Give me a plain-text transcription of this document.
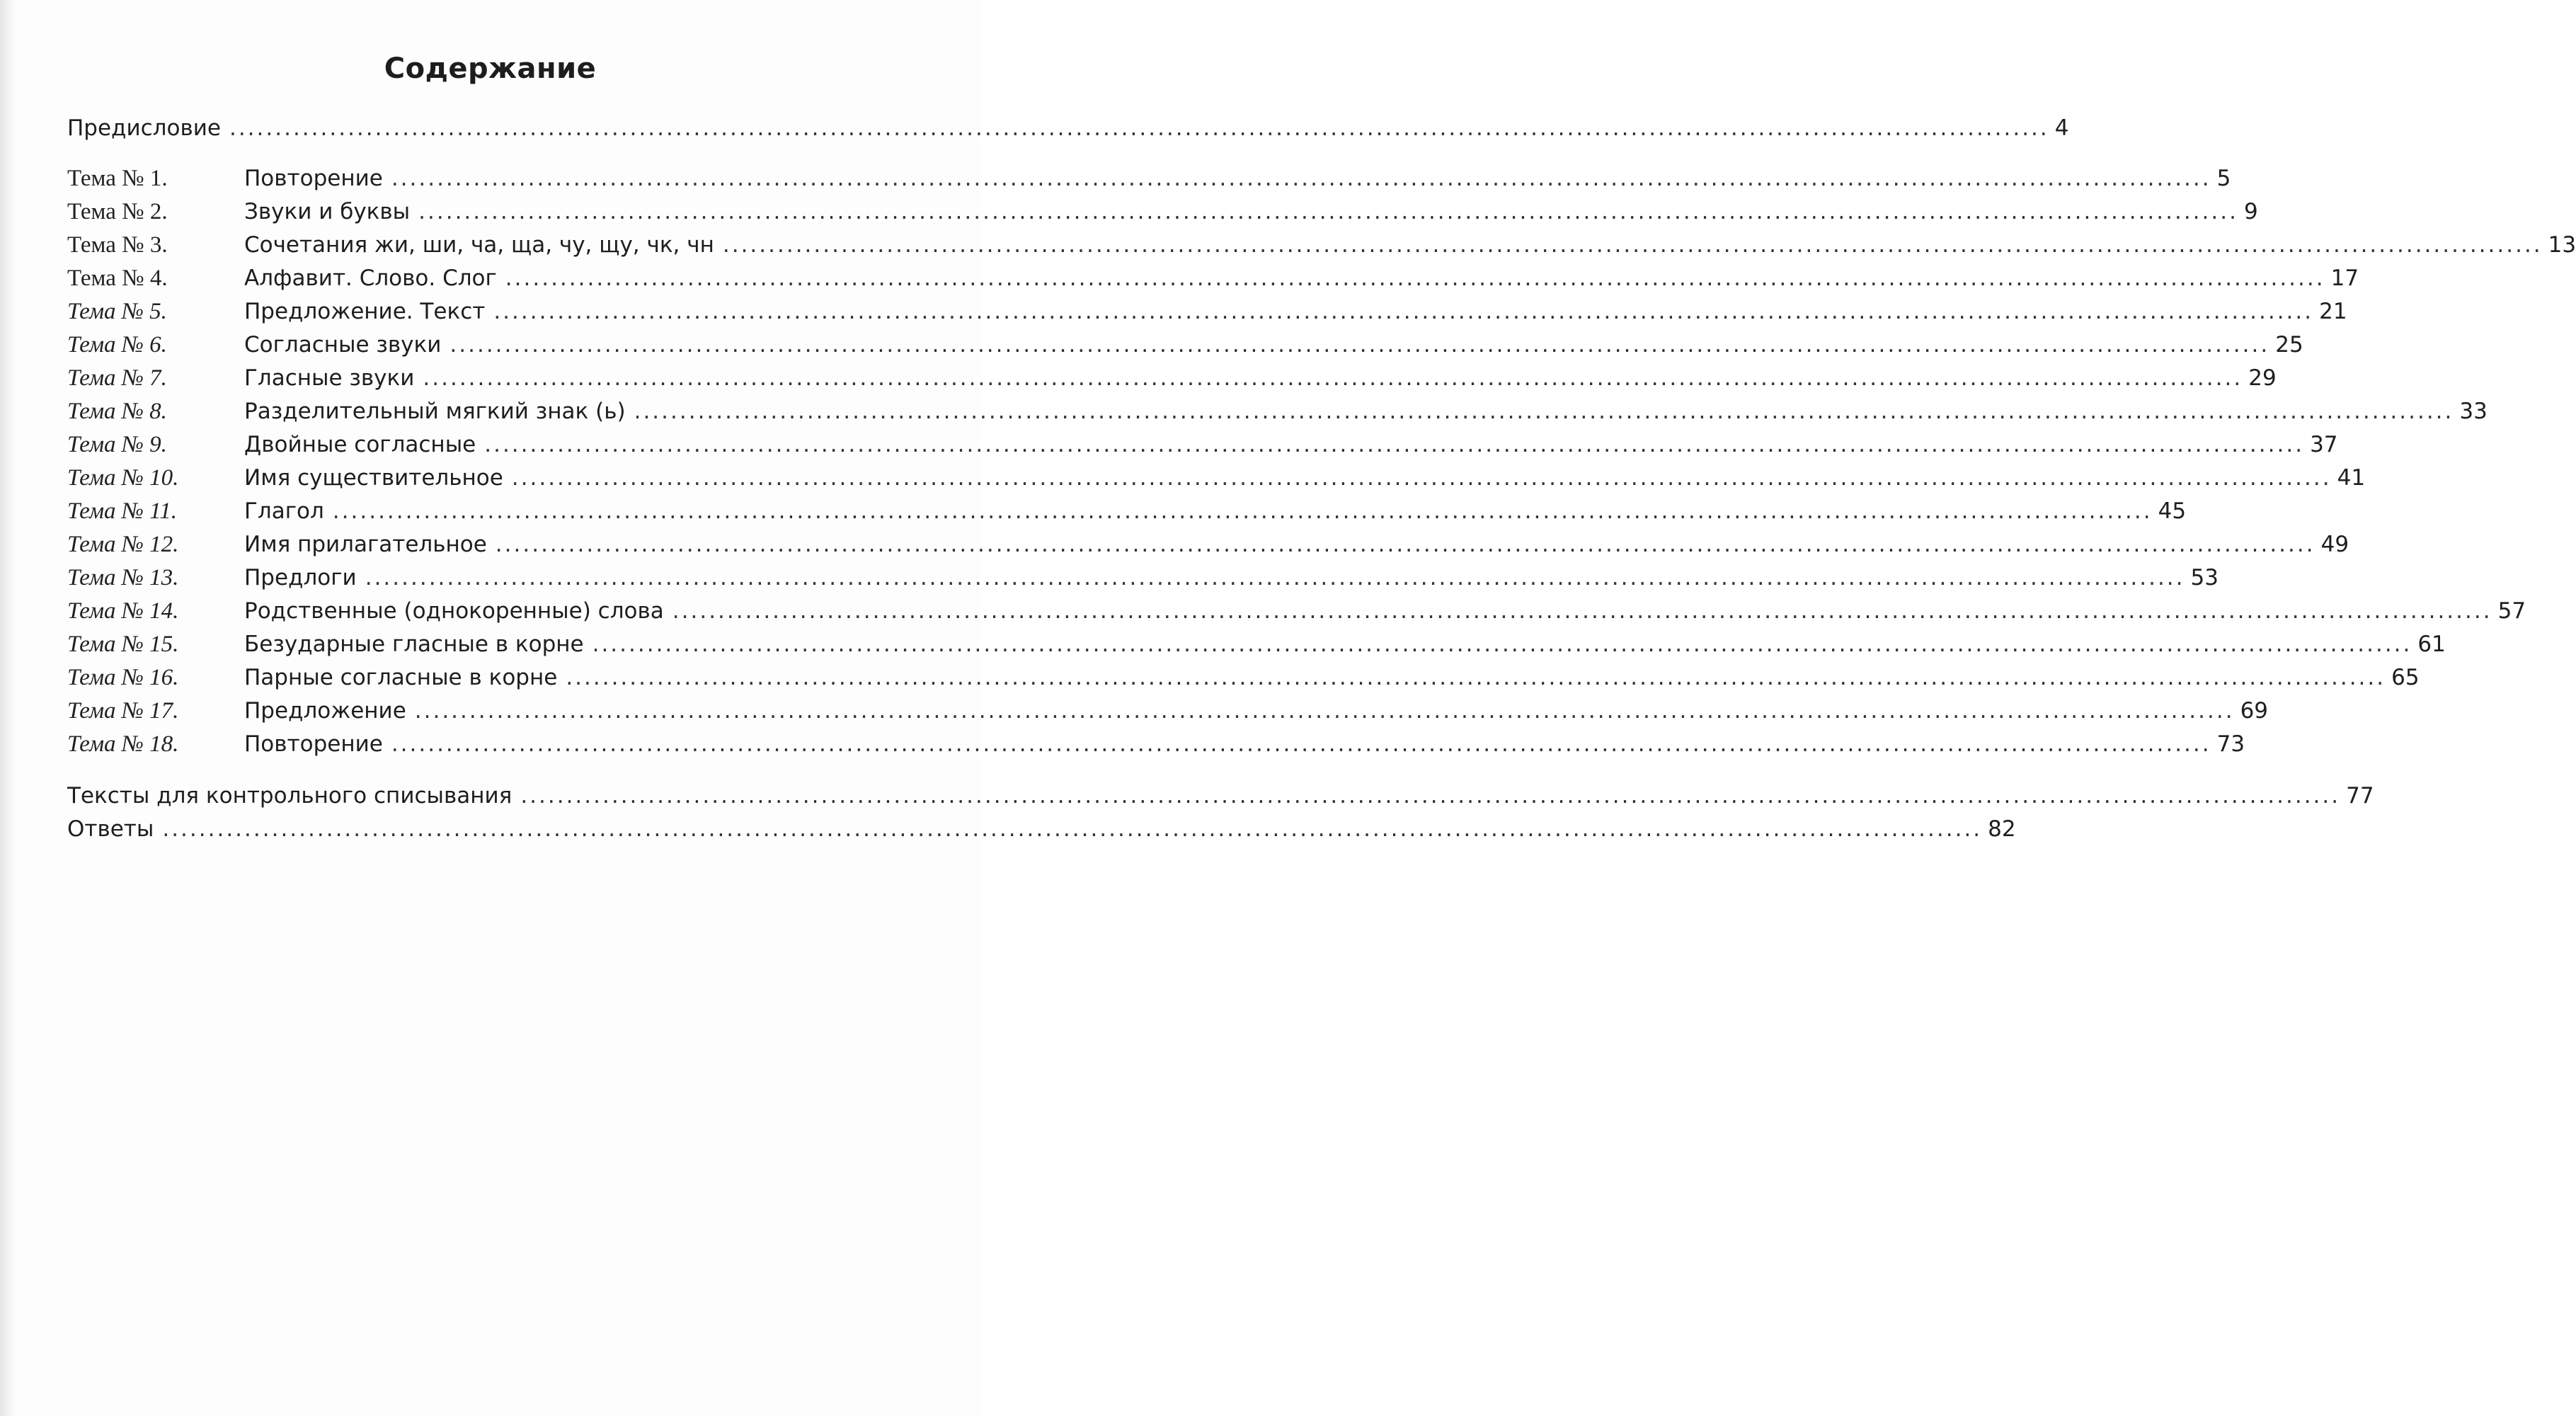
Содержание
Предисловие ........................................................................................................................................................................................................ 4
Тема № 1.	Повторение ........................................................................................................................................................................................................ 5
Тема № 2.	Звуки и буквы ........................................................................................................................................................................................................ 9
Тема № 3.	Сочетания жи, ши, ча, ща, чу, щу, чк, чн ........................................................................................................................................................................................................ 13
Тема № 4.	Алфавит. Слово. Слог ........................................................................................................................................................................................................ 17
Тема № 5.	Предложение. Текст ........................................................................................................................................................................................................ 21
Тема № 6.	Согласные звуки ........................................................................................................................................................................................................ 25
Тема № 7.	Гласные звуки ........................................................................................................................................................................................................ 29
Тема № 8.	Разделительный мягкий знак (ь) ........................................................................................................................................................................................................ 33
Тема № 9.	Двойные согласные ........................................................................................................................................................................................................ 37
Тема № 10.	Имя существительное ........................................................................................................................................................................................................ 41
Тема № 11.	Глагол ........................................................................................................................................................................................................ 45
Тема № 12.	Имя прилагательное ........................................................................................................................................................................................................ 49
Тема № 13.	Предлоги ........................................................................................................................................................................................................ 53
Тема № 14.	Родственные (однокоренные) слова ........................................................................................................................................................................................................ 57
Тема № 15.	Безударные гласные в корне ........................................................................................................................................................................................................ 61
Тема № 16.	Парные согласные в корне ........................................................................................................................................................................................................ 65
Тема № 17.	Предложение ........................................................................................................................................................................................................ 69
Тема № 18.	Повторение ........................................................................................................................................................................................................ 73
Тексты для контрольного списывания ........................................................................................................................................................................................................ 77
Ответы ........................................................................................................................................................................................................ 82
